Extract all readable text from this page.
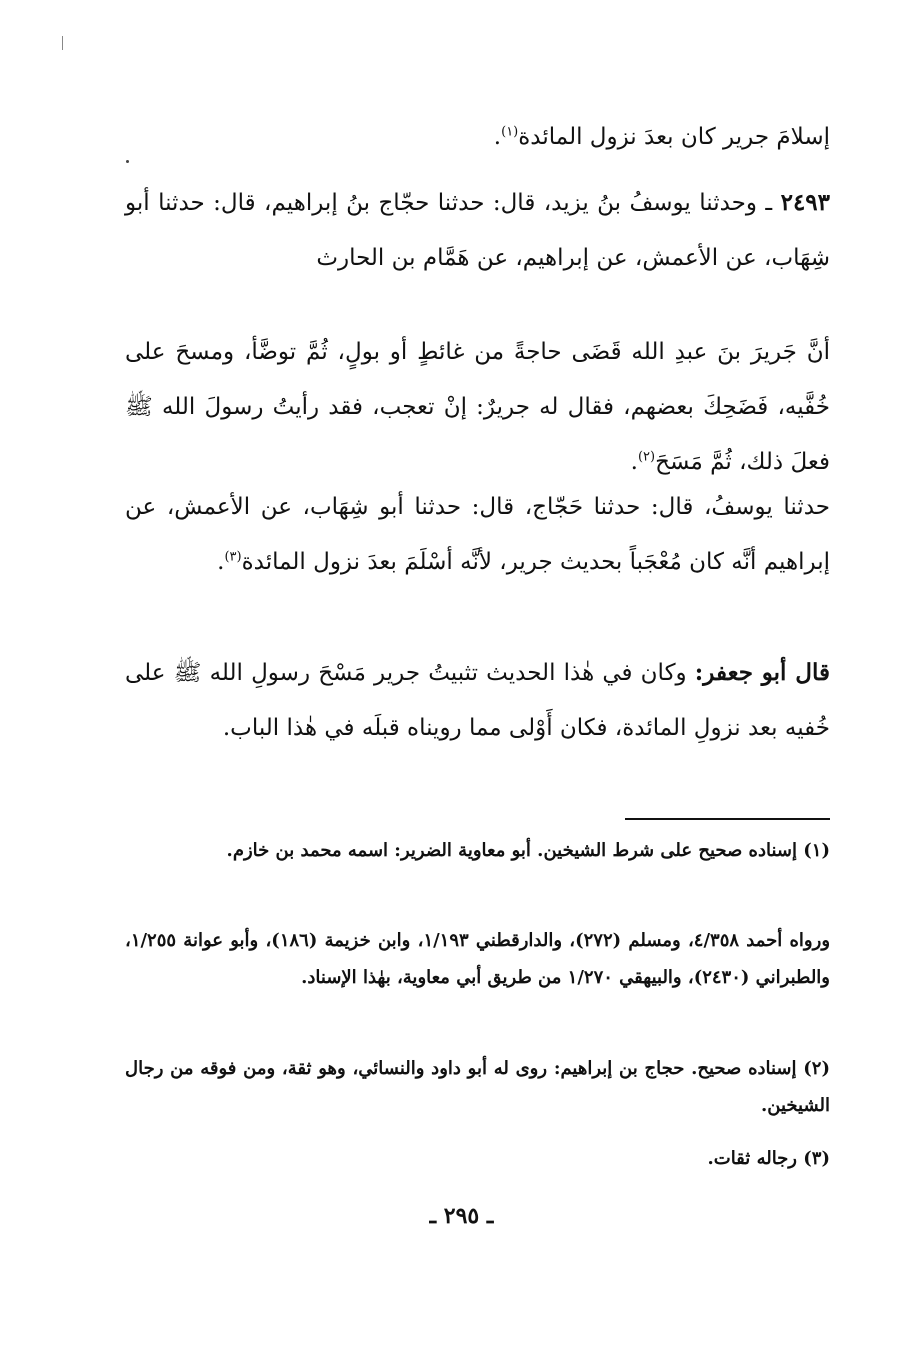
إسلامَ جرير كان بعدَ نزول المائدة$^{(١)}$.

٢٤٩٣ ـ وحدثنا يوسفُ بنُ يزيد، قال: حدثنا حجّاج بنُ إبراهيم، قال: حدثنا أبو شِهَاب، عن الأعمش، عن إبراهيم، عن هَمَّام بن الحارث

أنَّ جَريرَ بنَ عبدِ الله قَضَى حاجةً من غائطٍ أو بولٍ، ثُمَّ توضَّأ، ومسحَ على خُفَّيه، فَضَحِكَ بعضهم، فقال له جريرٌ: إنْ تعجب، فقد رأيتُ رسولَ الله ﷺ فعلَ ذلك، ثُمَّ مَسَحَ$^{(٢)}$.

حدثنا يوسفُ، قال: حدثنا حَجّاج، قال: حدثنا أبو شِهَاب، عن الأعمش، عن إبراهيم أنَّه كان مُعْجَباً بحديث جرير، لأنَّه أسْلَمَ بعدَ نزول المائدة$^{(٣)}$.

قال أبو جعفر: وكان في هٰذا الحديث تثبيتُ جرير مَسْحَ رسولِ الله ﷺ على خُفيه بعد نزولِ المائدة، فكان أَوْلى مما رويناه قبلَه في هٰذا الباب.

(١) إسناده صحيح على شرط الشيخين. أبو معاوية الضرير: اسمه محمد بن خازم.

ورواه أحمد ٤/٣٥٨، ومسلم (٢٧٢)، والدارقطني ١/١٩٣، وابن خزيمة (١٨٦)، وأبو عوانة ١/٢٥٥، والطبراني (٢٤٣٠)، والبيهقي ١/٢٧٠ من طريق أبي معاوية، بهٰذا الإسناد.

(٢) إسناده صحيح. حجاج بن إبراهيم: روى له أبو داود والنسائي، وهو ثقة، ومن فوقه من رجال الشيخين.

(٣) رجاله ثقات.

ـ ٢٩٥ ـ
